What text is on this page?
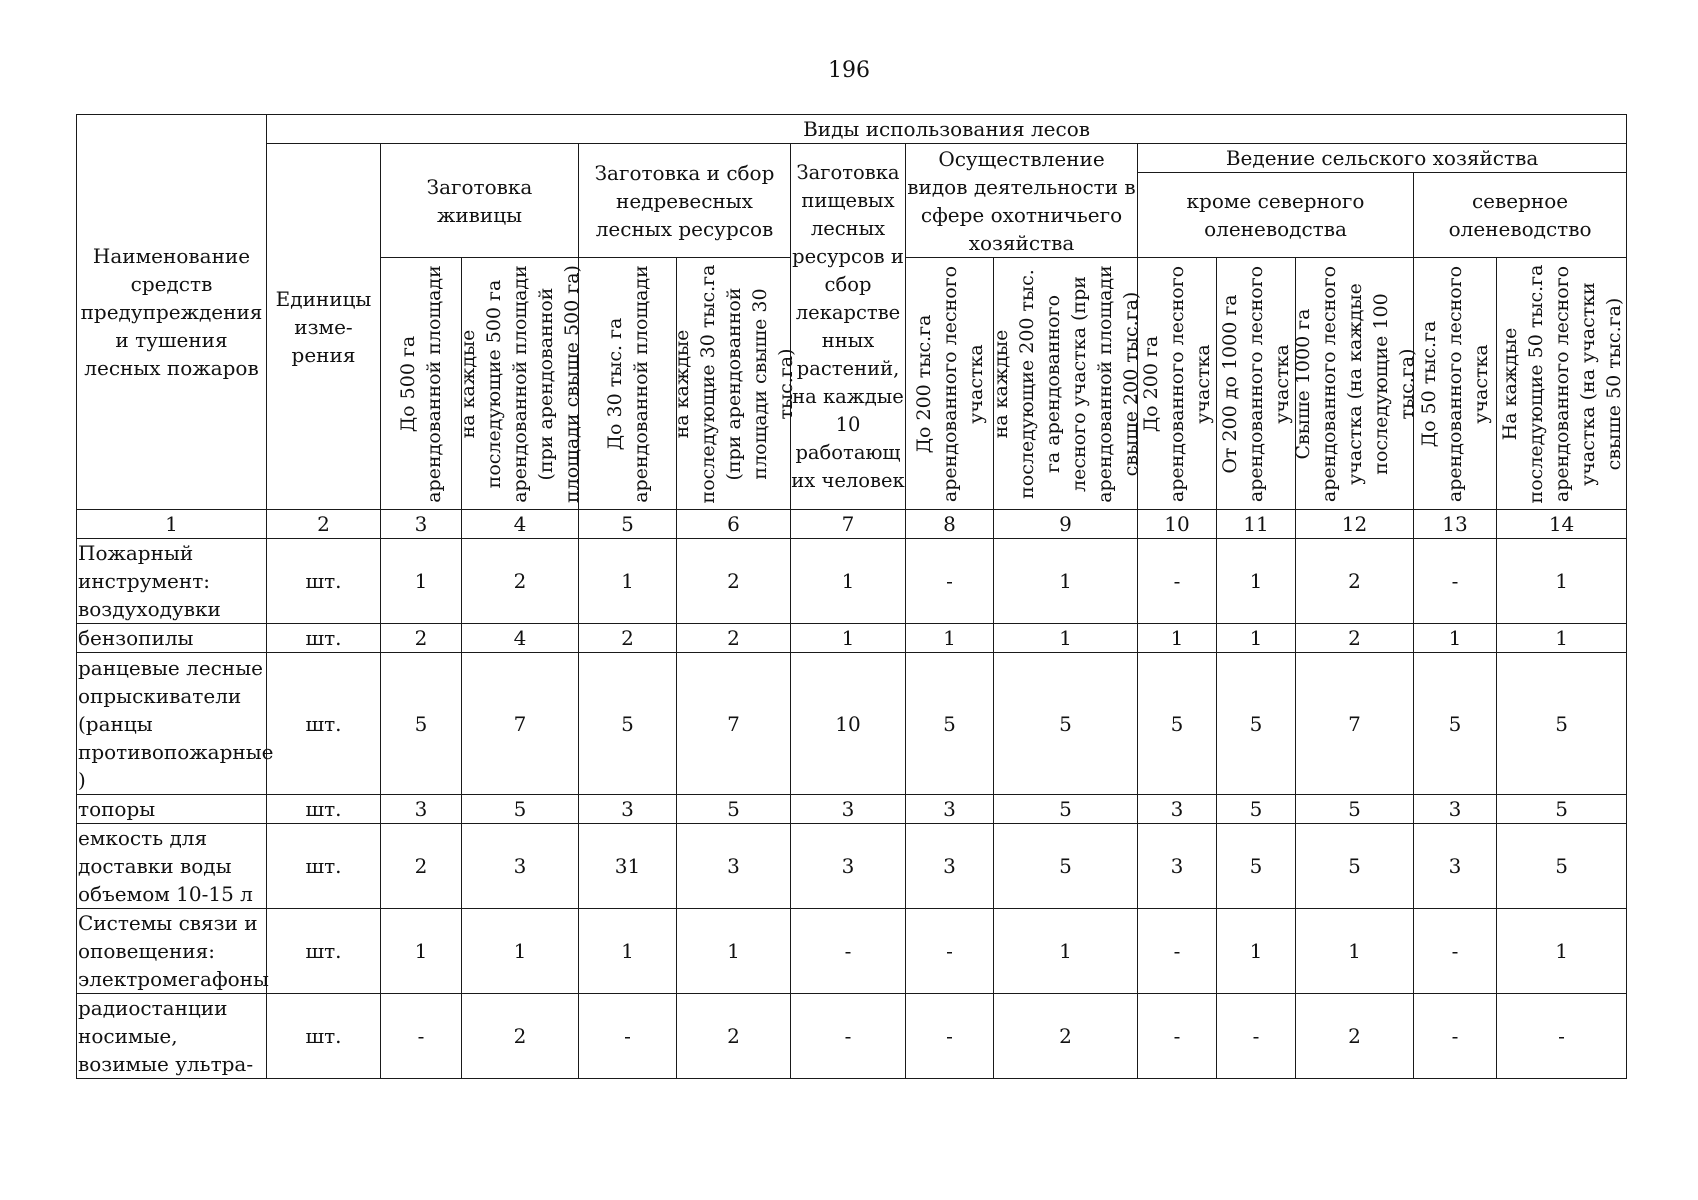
196
Наименование средств предупреждения и тушения лесных пожаров	Виды использования лесов												
	Единицы изме-рения	Заготовка живицы		Заготовка и сбор недревесных лесных ресурсов		Заготовка пищевых лесных ресурсов и сбор лекарстве нных растений, на каждые 10 работающ их человек	Осуществление видов деятельности в сфере охотничьего хозяйства		Ведение сельского хозяйства				
									кроме северного оленеводства			северное оленеводство	

		До 500 га арендованной площади	на каждые последующие 500 га арендованной площади (при арендованной площади свыше 500 га)	До 30 тыс. га арендованной площади	на каждые последующие 30 тыс.га (при арендованной площади свыше 30 тыс.га)		До 200 тыс.га арендованного лесного участка	на каждые последующие 200 тыс. га арендованного лесного участка (при арендованной площади свыше 200 тыс.га)	До 200 га арендованного лесного участка	От 200 до 1000 га арендованного лесного участка	Свыше 1000 га арендованного лесного участка (на каждые последующие 100 тыс.га)	До 50 тыс.га арендованного лесного участка	На каждые последующие 50 тыс.га арендованного лесного участка (на участки свыше 50 тыс.га)

1	2	3	4	5	6	7	8	9	10	11	12	13	14
Пожарный инструмент: воздуходувки	шт.	1	2	1	2	1	-	1	-	1	2	-	1
бензопилы	шт.	2	4	2	2	1	1	1	1	1	2	1	1
ранцевые лесные опрыскиватели (ранцы противопожарные )	шт.	5	7	5	7	10	5	5	5	5	7	5	5
топоры	шт.	3	5	3	5	3	3	5	3	5	5	3	5
емкость для доставки воды объемом 10-15 л	шт.	2	3	31	3	3	3	5	3	5	5	3	5
Системы связи и оповещения: электромегафоны	шт.	1	1	1	1	-	-	1	-	1	1	-	1
радиостанции носимые, возимые ультра-	шт.	-	2	-	2	-	-	2	-	-	2	-	-
